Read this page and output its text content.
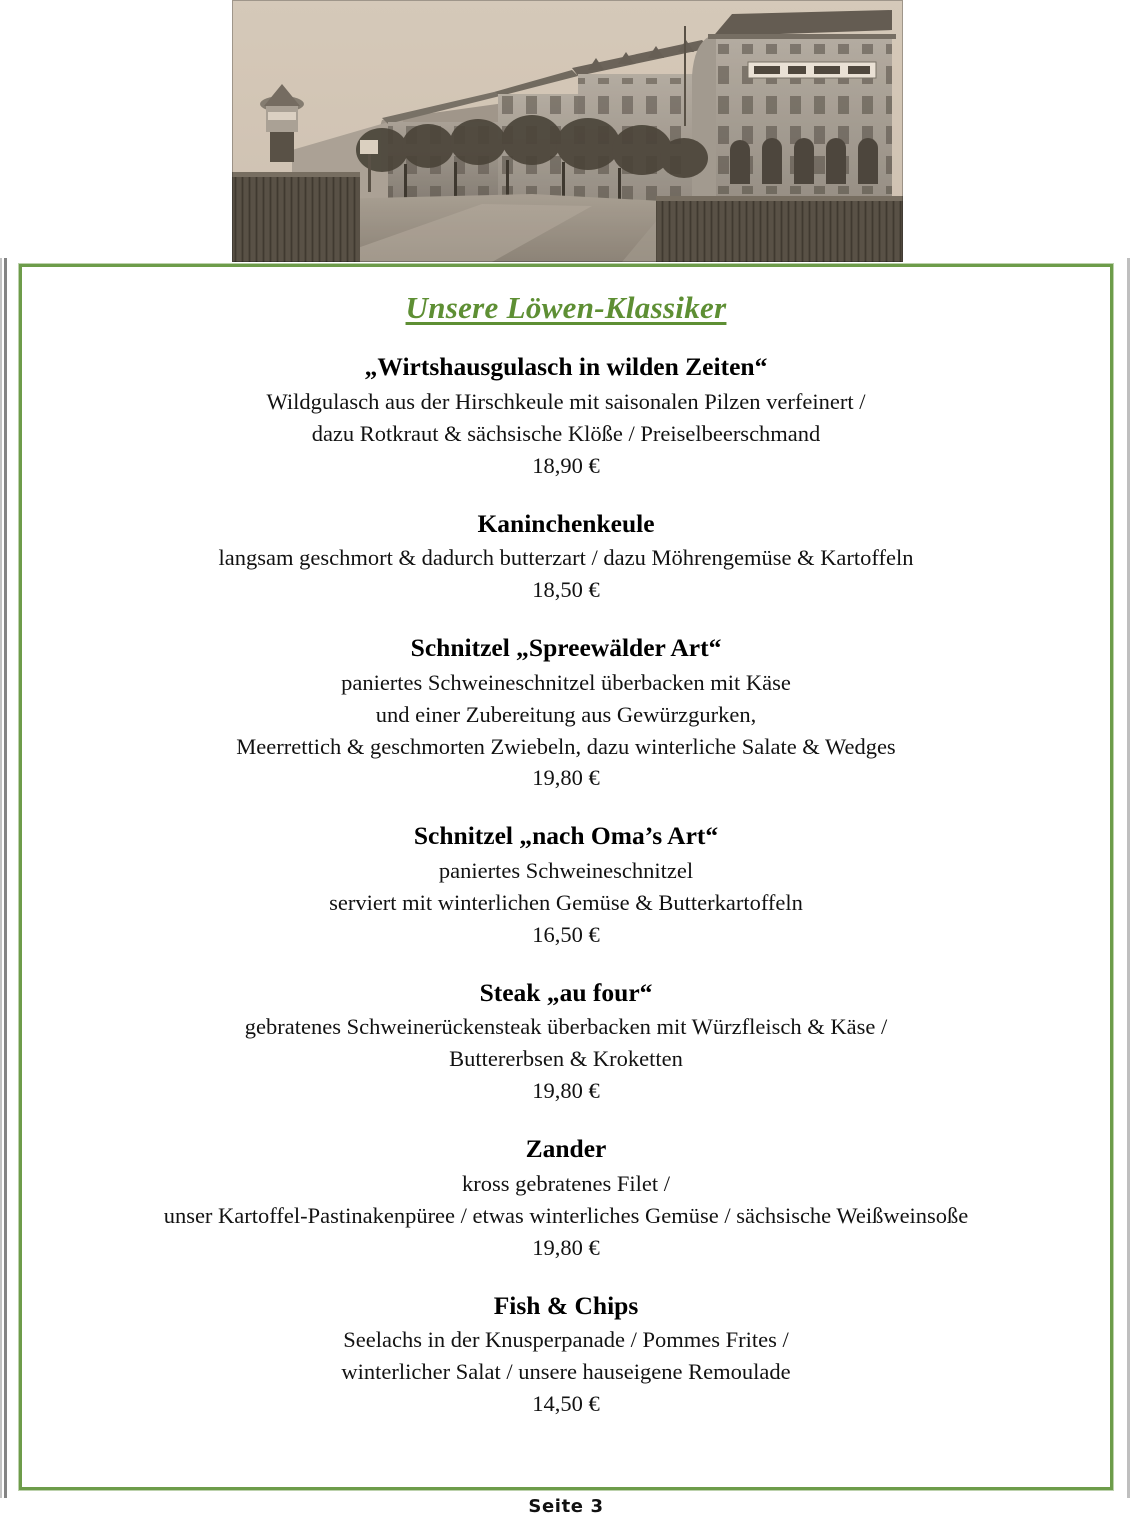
Unsere Löwen-Klassiker
„Wirtshausgulasch in wilden Zeiten“
Wildgulasch aus der Hirschkeule mit saisonalen Pilzen verfeinert /
dazu Rotkraut & sächsische Klöße / Preiselbeerschmand
18,90 €
Kaninchenkeule
langsam geschmort & dadurch butterzart / dazu Möhrengemüse & Kartoffeln
18,50 €
Schnitzel „Spreewälder Art“
paniertes Schweineschnitzel überbacken mit Käse
und einer Zubereitung aus Gewürzgurken,
Meerrettich & geschmorten Zwiebeln, dazu winterliche Salate & Wedges
19,80 €
Schnitzel „nach Oma’s Art“
paniertes Schweineschnitzel
serviert mit winterlichen Gemüse & Butterkartoffeln
16,50 €
Steak „au four“
gebratenes Schweinerückensteak überbacken mit Würzfleisch & Käse /
Buttererbsen & Kroketten
19,80 €
Zander
kross gebratenes Filet /
unser Kartoffel-Pastinakenpüree / etwas winterliches Gemüse / sächsische Weißweinsoße
19,80 €
Fish & Chips
Seelachs in der Knusperpanade / Pommes Frites /
winterlicher Salat / unsere hauseigene Remoulade
14,50 €
Seite 3
